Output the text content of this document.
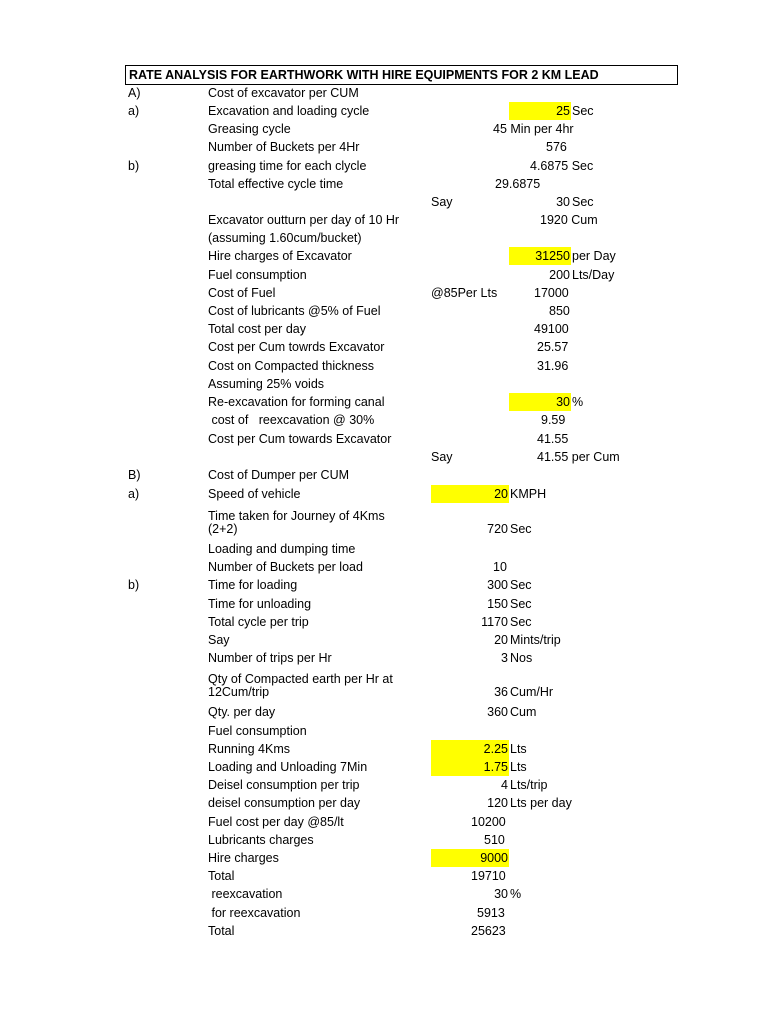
RATE ANALYSIS FOR EARTHWORK WITH HIRE EQUIPMENTS FOR 2 KM LEAD
A)	Cost of excavator per CUM
a)	Excavation and loading cycle	25 Sec
Greasing cycle	45 Min per 4hr
Number of Buckets per 4Hr	576
b)	greasing time for each clycle	4.6875 Sec
Total effective cycle time	29.6875
Say	30 Sec
Excavator outturn per day of 10 Hr	1920 Cum
(assuming 1.60cum/bucket)
Hire charges of Excavator	31250 per Day
Fuel consumption	200 Lts/Day
Cost of Fuel	@85Per Lts	17000
Cost of lubricants @5% of Fuel	850
Total cost per day	49100
Cost per Cum towrds Excavator	25.57
Cost on Compacted thickness	31.96
Assuming 25% voids
Re-excavation for forming canal	30 %
cost of   reexcavation @ 30%	9.59
Cost per Cum towards Excavator	41.55
Say	41.55 per Cum
B)	Cost of Dumper per CUM
a)	Speed of vehicle	20 KMPH
Time taken for Journey of 4Kms
(2+2)	720 Sec
Loading and dumping time
Number of Buckets per load	10
b)	Time for loading	300 Sec
Time for unloading	150 Sec
Total cycle per trip	1170 Sec
Say	20 Mints/trip
Number of trips per Hr	3 Nos
Qty of Compacted earth per Hr at
12Cum/trip	36 Cum/Hr
Qty. per day	360 Cum
Fuel consumption
Running 4Kms	2.25 Lts
Loading and Unloading 7Min	1.75 Lts
Deisel consumption per trip	4 Lts/trip
deisel consumption per day	120 Lts per day
Fuel cost per day @85/lt	10200
Lubricants charges	510
Hire charges	9000
Total	19710
reexcavation	30 %
for reexcavation	5913
Total	25623
